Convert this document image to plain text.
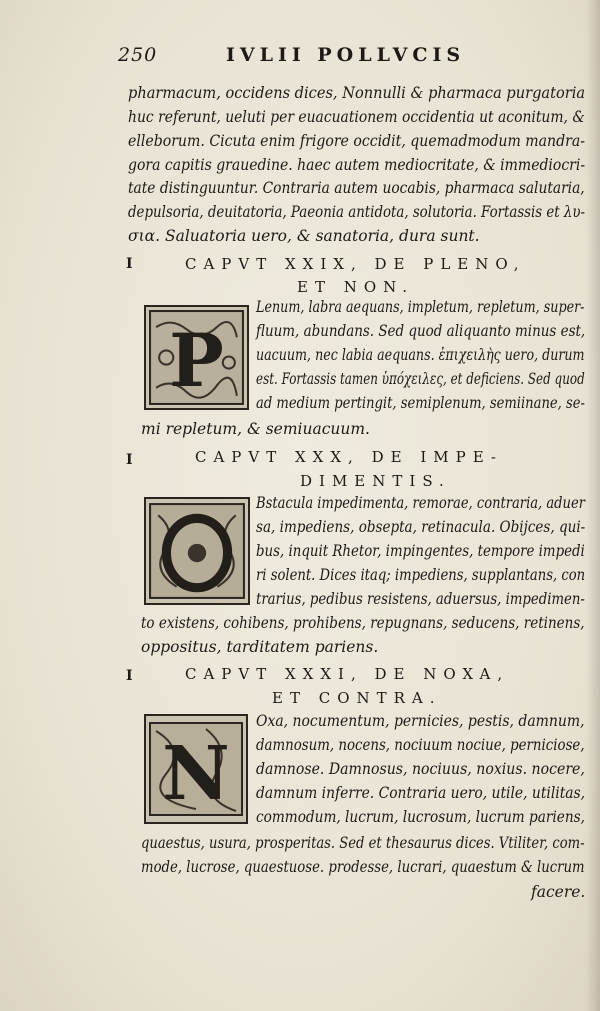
250	IVLII POLLVCIS
pharmacum, occidens dices, Nonnulli & pharmaca purgatoria
huc referunt, ueluti per euacuationem occidentia ut aconitum, &
elleborum. Cicuta enim frigore occidit, quemadmodum mandra-
gora capitis grauedine. haec autem mediocritate, & immediocri-
tate distinguuntur. Contraria autem uocabis, pharmaca salutaria,
depulsoria, deuitatoria, Paeonia antidota, solutoria. Fortassis et λυ-
σια. Saluatoria uero, & sanatoria, dura sunt.
I	CAPVT XXIX, DE PLENO,
ET NON.
P
Lenum, labra aequans, impletum, repletum, super-
fluum, abundans. Sed quod aliquanto minus est,
uacuum, nec labia aequans. ἐπιχειλὴς uero, durum
est. Fortassis tamen ὑπόχειλες, et deficiens. Sed quod
ad medium pertingit, semiplenum, semiinane, se-
mi repletum, & semiuacuum.
I	CAPVT XXX, DE IMPE-
DIMENTIS.
Bstacula impedimenta, remorae, contraria, aduer
sa, impediens, obsepta, retinacula. Obijces, qui-
bus, inquit Rhetor, impingentes, tempore impedi
ri solent. Dices itaq; impediens, supplantans, con
trarius, pedibus resistens, aduersus, impedimen-
to existens, cohibens, prohibens, repugnans, seducens, retinens,
oppositus, tarditatem pariens.
I	CAPVT XXXI, DE NOXA,
ET CONTRA.
N
Oxa, nocumentum, pernicies, pestis, damnum,
damnosum, nocens, nociuum nociue, perniciose,
damnose. Damnosus, nociuus, noxius. nocere,
damnum inferre. Contraria uero, utile, utilitas,
commodum, lucrum, lucrosum, lucrum pariens,
quaestus, usura, prosperitas. Sed et thesaurus dices. Vtiliter, com-
mode, lucrose, quaestuose. prodesse, lucrari, quaestum & lucrum
facere.
